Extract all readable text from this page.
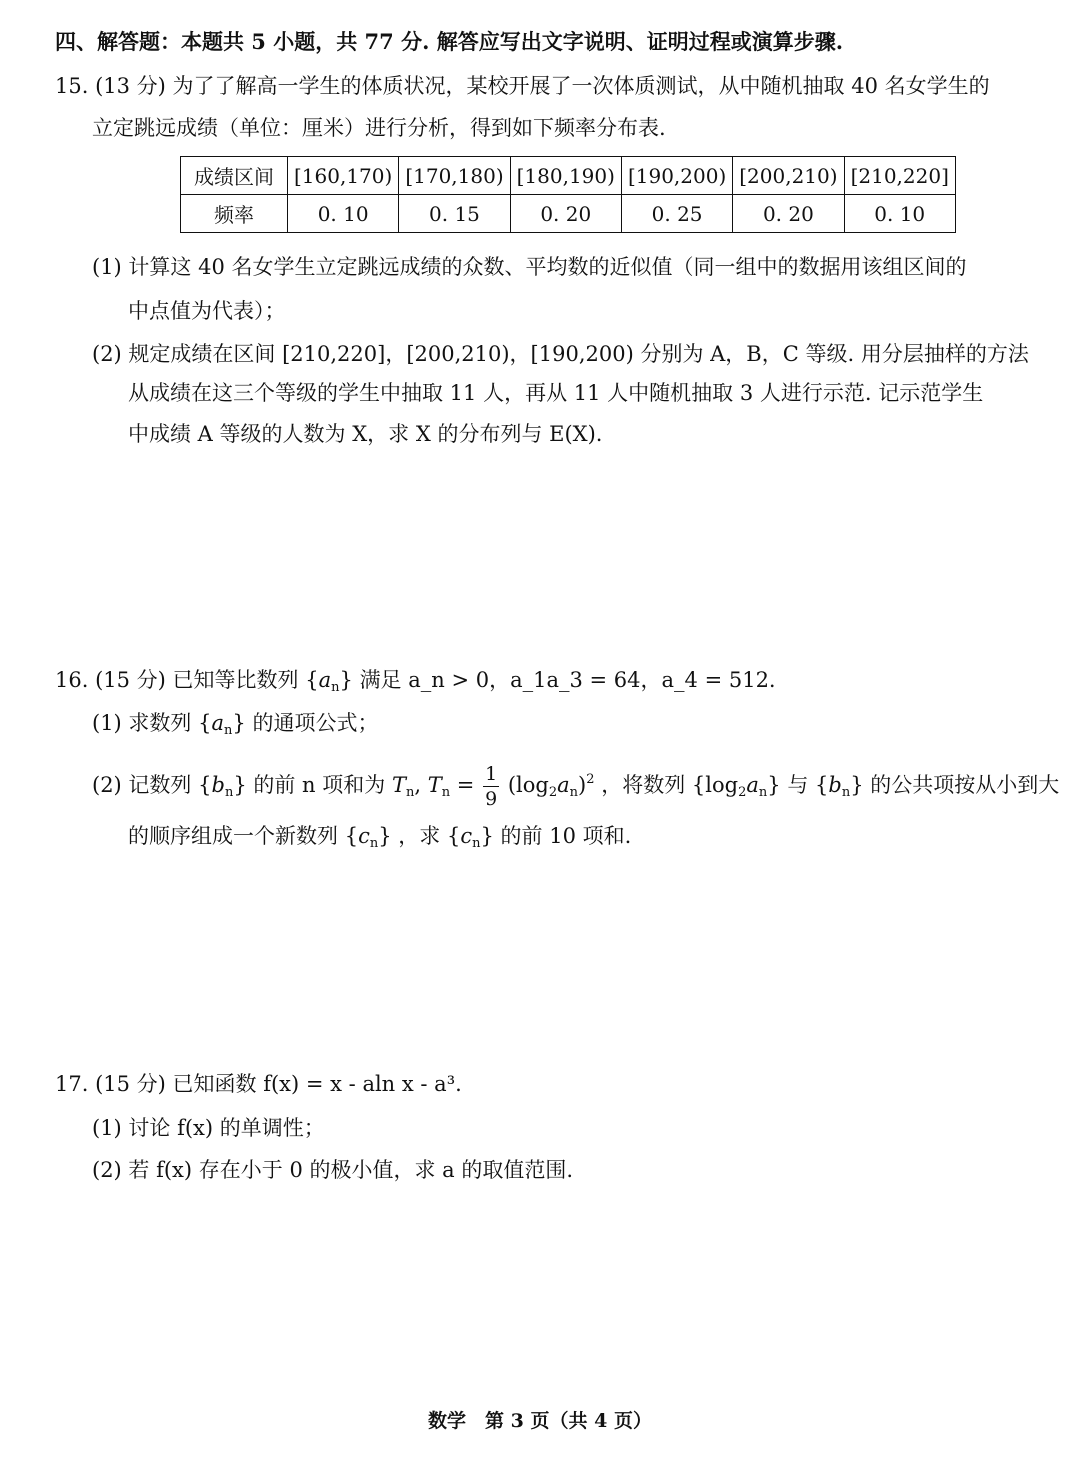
四、解答题：本题共 5 小题，共 77 分. 解答应写出文字说明、证明过程或演算步骤.
15. (13 分) 为了了解高一学生的体质状况，某校开展了一次体质测试，从中随机抽取 40 名女学生的
立定跳远成绩（单位：厘米）进行分析，得到如下频率分布表.
成绩区间	[160,170)	[170,180)	[180,190)	[190,200)	[200,210)	[210,220]
频率	0. 10	0. 15	0. 20	0. 25	0. 20	0. 10
(1) 计算这 40 名女学生立定跳远成绩的众数、平均数的近似值（同一组中的数据用该组区间的
中点值为代表）；
(2) 规定成绩在区间 [210,220]，[200,210)，[190,200) 分别为 A，B，C 等级. 用分层抽样的方法
从成绩在这三个等级的学生中抽取 11 人，再从 11 人中随机抽取 3 人进行示范. 记示范学生
中成绩 A 等级的人数为 X，求 X 的分布列与 E(X).
16. (15 分) 已知等比数列 $\{a_n\}$ 满足 a_n > 0，a_1a_3 = 64，a_4 = 512.
(1) 求数列 $\{a_n\}$ 的通项公式；
(2) 记数列 $\{b_n\}$ 的前 n 项和为 $T_n$, $T_n = \frac{1}{9} (\log_2a_n)^2$ ，将数列 $\{\log_2a_n\}$ 与 $\{b_n\}$ 的公共项按从小到大
的顺序组成一个新数列 $\{c_n\}$ ，求 $\{c_n\}$ 的前 10 项和.
17. (15 分) 已知函数 f(x) = x - aln x - a³.
(1) 讨论 f(x) 的单调性；
(2) 若 f(x) 存在小于 0 的极小值，求 a 的取值范围.
数学　第 3 页（共 4 页）
